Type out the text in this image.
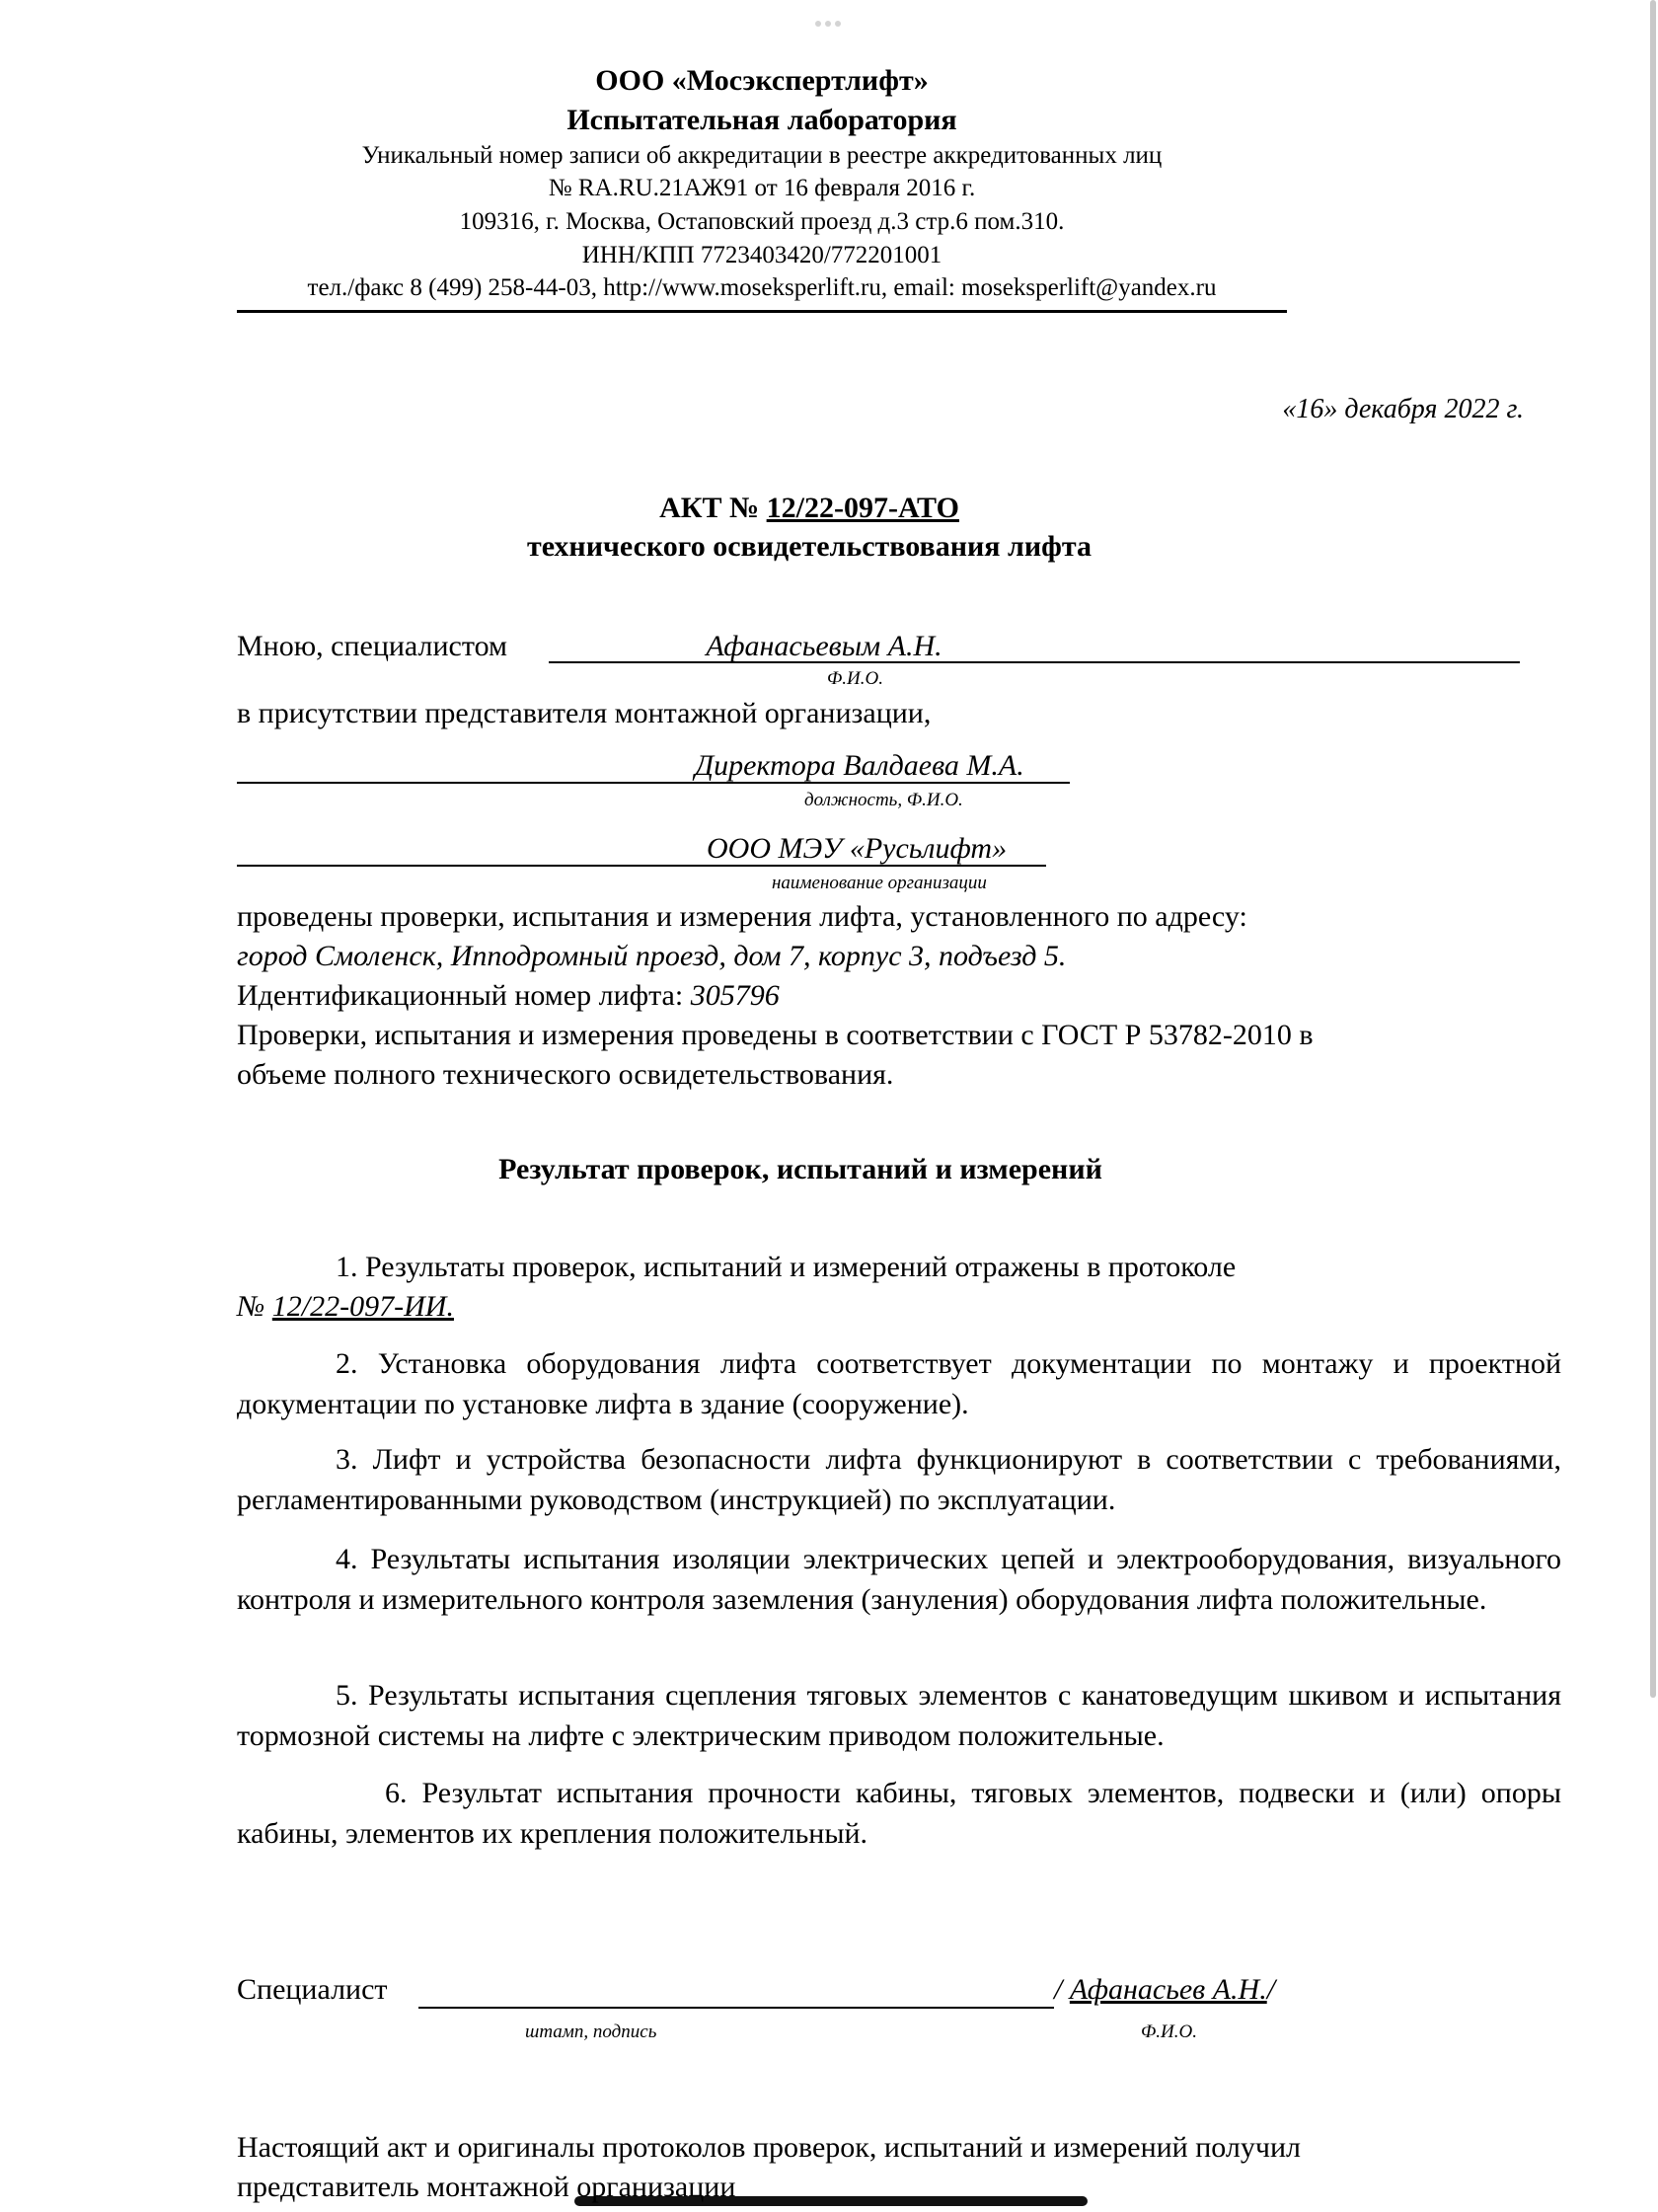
ООО «Мосэкспертлифт»
Испытательная лаборатория
Уникальный номер записи об аккредитации в реестре аккредитованных лиц
№ RA.RU.21АЖ91 от 16 февраля 2016 г.
109316, г. Москва, Остаповский проезд д.3 стр.6 пом.310.
ИНН/КПП 7723403420/772201001
тел./факс 8 (499) 258-44-03, http://www.moseksperlift.ru, email: moseksperlift@yandex.ru
«16» декабря 2022 г.
АКТ № 12/22-097-АТО
технического освидетельствования лифта
Мною, специалистом	Афанасьевым А.Н.
Ф.И.О.
в присутствии представителя монтажной организации,
Директора Валдаева М.А.
должность, Ф.И.О.
ООО МЭУ «Русьлифт»
наименование организации
проведены проверки, испытания и измерения лифта, установленного по адресу:
город Смоленск, Ипподромный проезд, дом 7, корпус 3, подъезд 5.
Идентификационный номер лифта: 305796
Проверки, испытания и измерения проведены в соответствии с ГОСТ Р 53782-2010 в
объеме полного технического освидетельствования.
Результат проверок, испытаний и измерений
1. Результаты проверок, испытаний и измерений отражены в протоколе
№ 12/22-097-ИИ.
2. Установка оборудования лифта соответствует документации по монтажу и проектной документации по установке лифта в здание (сооружение).
3. Лифт и устройства безопасности лифта функционируют в соответствии с требованиями, регламентированными руководством (инструкцией) по эксплуатации.
4. Результаты испытания изоляции электрических цепей и электрооборудования, визуального контроля и измерительного контроля заземления (зануления) оборудования лифта положительные.
5. Результаты испытания сцепления тяговых элементов с канатоведущим шкивом и испытания тормозной системы на лифте с электрическим приводом положительные.
6. Результат испытания прочности кабины, тяговых элементов, подвески и (или) опоры кабины, элементов их крепления положительный.
Специалист	/ Афанасьев А.Н./
штамп, подпись	Ф.И.О.
Настоящий акт и оригиналы протоколов проверок, испытаний и измерений получил
представитель монтажной организации
